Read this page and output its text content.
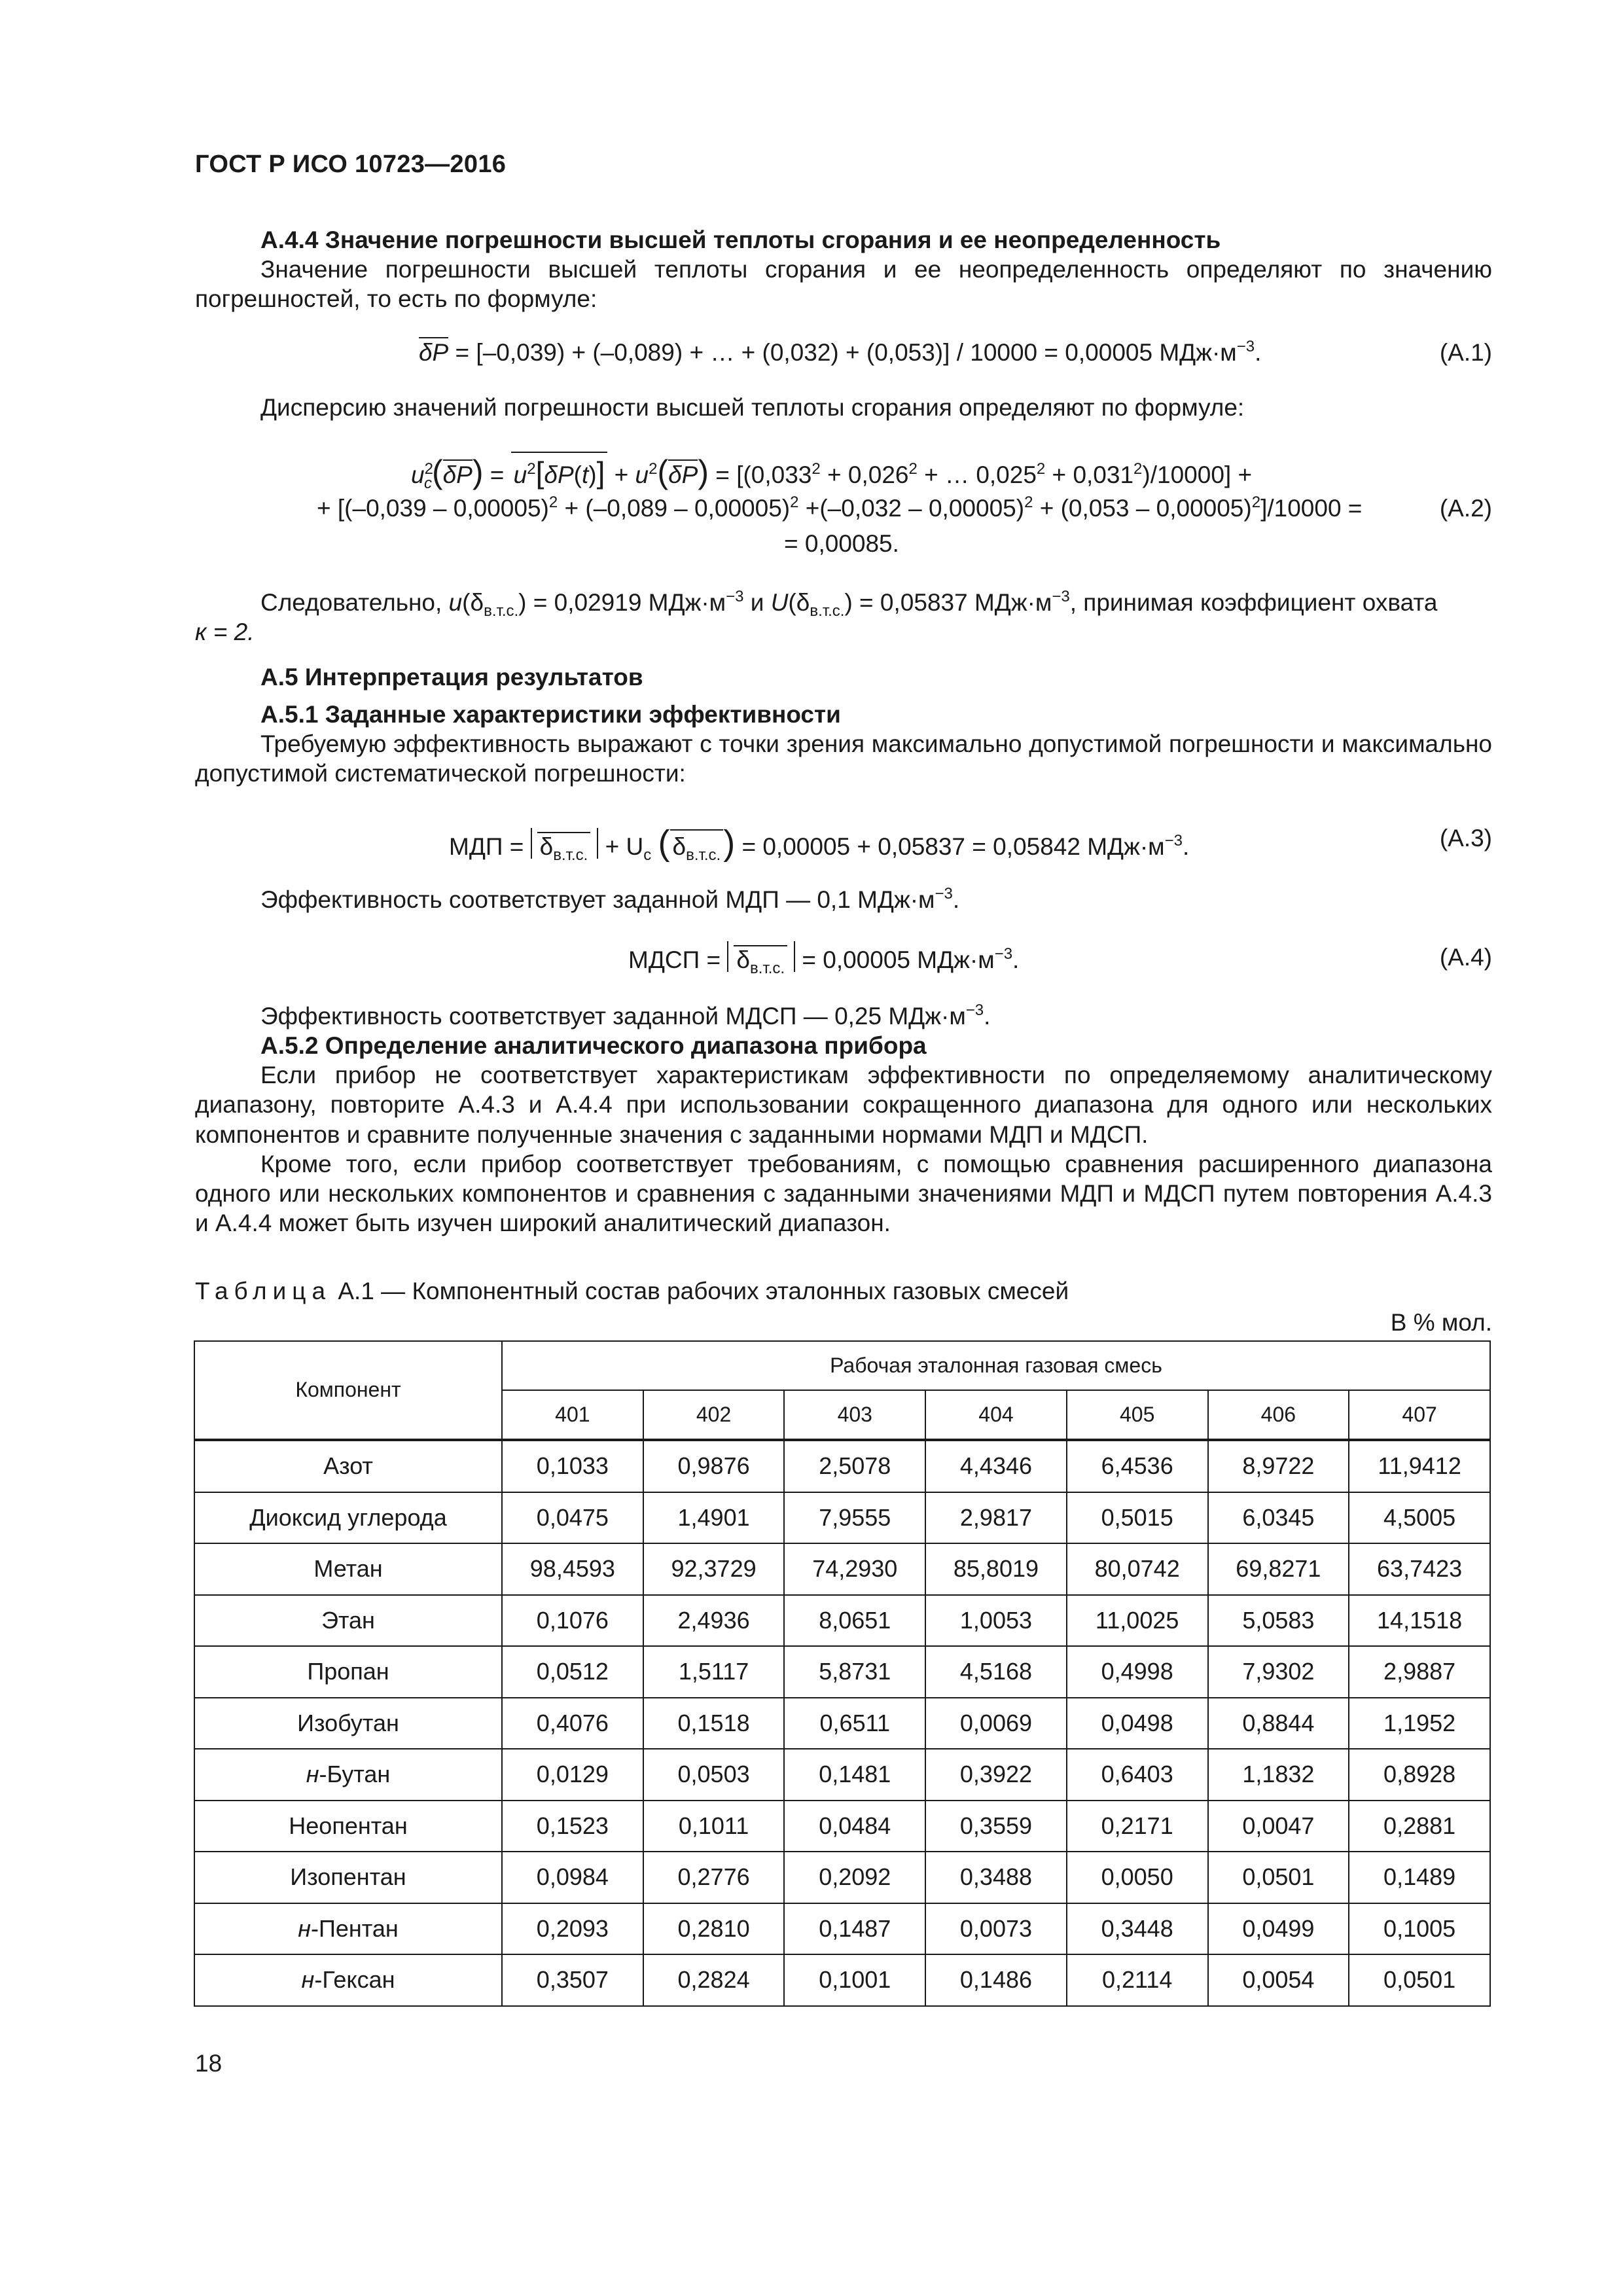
ГОСТ Р ИСО 10723—2016

А.4.4 Значение погрешности высшей теплоты сгорания и ее неопределенность

Значение погрешности высшей теплоты сгорания и ее неопределенность определяют по значению погрешностей, то есть по формуле:

δP = [–0,039) + (–0,089) + … + (0,032) + (0,053)] / 10000 = 0,00005 $МДж\cdot м^{-3}$.	(А.1)

Дисперсию значений погрешности высшей теплоты сгорания определяют по формуле:

$u^2_c(\delta P) = u^2[\delta P(t)] + u^2(\delta P) = [(0,033^2 + 0,026^2$ + … $0,025^2 + 0,031^2)/10000$] +
+ [(–0,039 – 0,00005)$^2$ + (–0,089 – 0,00005)$^2$ +(–0,032 – 0,00005)$^2$ + (0,053 – 0,00005)$^2$]/10000 =	(А.2)
= 0,00085.

Следовательно, $u(\delta_{в.т.с.}) = 0,02919$ $МДж\cdot м^{-3}$ и $U(\delta_{в.т.с.}) = 0,05837$ $МДж\cdot м^{-3}$, принимая коэффициент охвата

к = 2.

А.5 Интерпретация результатов

А.5.1 Заданные характеристики эффективности

Требуемую эффективность выражают с точки зрения максимально допустимой погрешности и максимально допустимой систематической погрешности:

МДП = $\delta_{в.т.с.} + U_c$ ( $\delta_{в.т.с.}) = 0,00005 + 0,05837 = 0,05842$ $МДж\cdot м^{-3}$.	(А.3)

Эффективность соответствует заданной МДП — 0,1 $МДж\cdot м^{-3}$.

МДСП = $\delta_{в.т.с.} = 0,00005$ $МДж\cdot м^{-3}$.	(А.4)

Эффективность соответствует заданной МДСП — 0,25 $МДж\cdot м^{-3}$.

А.5.2 Определение аналитического диапазона прибора

Если прибор не соответствует характеристикам эффективности по определяемому аналитическому диапазону, повторите А.4.3 и А.4.4 при использовании сокращенного диапазона для одного или нескольких компонентов и сравните полученные значения с заданными нормами МДП и МДСП.

Кроме того, если прибор соответствует требованиям, с помощью сравнения расширенного диапазона одного или нескольких компонентов и сравнения с заданными значениями МДП и МДСП путем повторения А.4.3 и А.4.4 может быть изучен широкий аналитический диапазон.

Таблица А.1 — Компонентный состав рабочих эталонных газовых смесей
В % мол.
Компонент	Рабочая эталонная газовая смесь						
	401	402	403	404	405	406	407
Азот	0,1033	0,9876	2,5078	4,4346	6,4536	8,9722	11,9412
Диоксид углерода	0,0475	1,4901	7,9555	2,9817	0,5015	6,0345	4,5005
Метан	98,4593	92,3729	74,2930	85,8019	80,0742	69,8271	63,7423
Этан	0,1076	2,4936	8,0651	1,0053	11,0025	5,0583	14,1518
Пропан	0,0512	1,5117	5,8731	4,5168	0,4998	7,9302	2,9887
Изобутан	0,4076	0,1518	0,6511	0,0069	0,0498	0,8844	1,1952
н-Бутан	0,0129	0,0503	0,1481	0,3922	0,6403	1,1832	0,8928
Неопентан	0,1523	0,1011	0,0484	0,3559	0,2171	0,0047	0,2881
Изопентан	0,0984	0,2776	0,2092	0,3488	0,0050	0,0501	0,1489
н-Пентан	0,2093	0,2810	0,1487	0,0073	0,3448	0,0499	0,1005
н-Гексан	0,3507	0,2824	0,1001	0,1486	0,2114	0,0054	0,0501
18
